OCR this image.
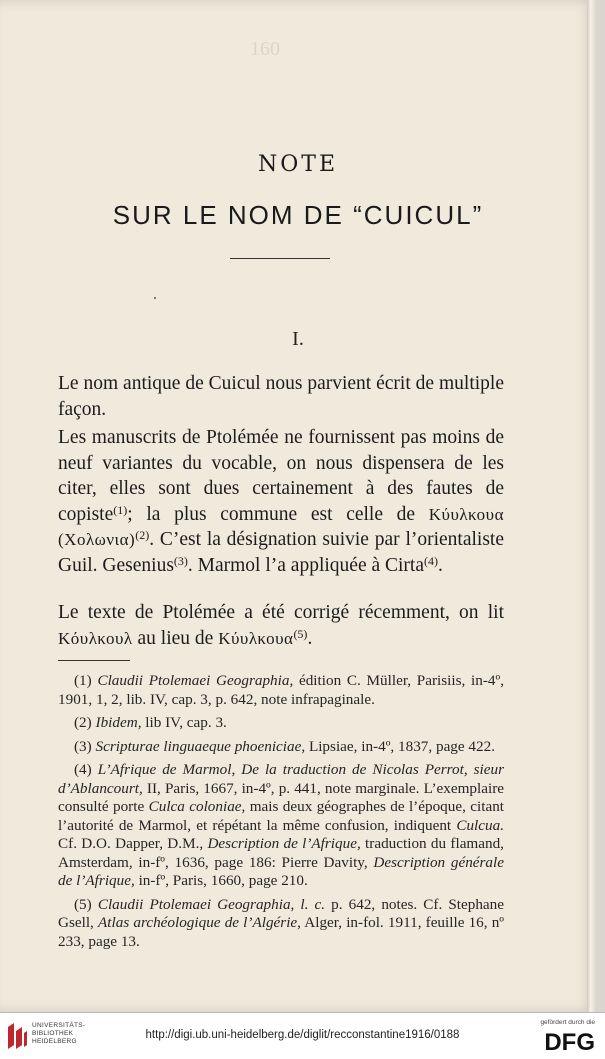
160
NOTE
SUR LE NOM DE “CUICUL”
I.

Le nom antique de Cuicul nous parvient écrit de multiple façon.

Les manuscrits de Ptolémée ne fournissent pas moins de neuf variantes du vocable, on nous dispensera de les citer, elles sont dues certainement à des fautes de copiste$^{(1)}$; la plus commune est celle de Κύυλκουα $(Xo\lambda\omega\nu\iota\alpha)^{(2)}$. C’est la désignation suivie par l’orientaliste Guil. Gesenius$^{(3)}$. Marmol l’a appliquée à Cirta$^{(4)}$.

Le texte de Ptolémée a été corrigé récemment, on lit Κόυλκουλ au lieu de Κύυλκουα$^{(5)}$.

(1) Claudii Ptolemaei Geographia, édition C. Müller, Parisiis, in-4º, 1901, 1, 2, lib. IV, cap. 3, p. 642, note infrapaginale.

(2) Ibidem, lib IV, cap. 3.

(3) Scripturae linguaeque phoeniciae, Lipsiae, in-4º, 1837, page 422.

(4) L’Afrique de Marmol, De la traduction de Nicolas Perrot, sieur d’Ablancourt, II, Paris, 1667, in-4º, p. 441, note marginale. L’exemplaire consulté porte Culca coloniae, mais deux géographes de l’époque, citant l’autorité de Marmol, et répétant la même confusion, indiquent Culcua. Cf. D.O. Dapper, D.M., Description de l’Afrique, traduction du flamand, Amsterdam, in-fº, 1636, page 186: Pierre Davity, Description générale de l’Afrique, in-fº, Paris, 1660, page 210.

(5) Claudii Ptolemaei Geographia, l. c. p. 642, notes. Cf. Stephane Gsell, Atlas archéologique de l’Algérie, Alger, in-fol. 1911, feuille 16, nº 233, page 13.

UNIVERSITÄTS-
BIBLIOTHEK
HEIDELBERG
http://digi.ub.uni-heidelberg.de/diglit/recconstantine1916/0188
gefördert durch die
DFG
